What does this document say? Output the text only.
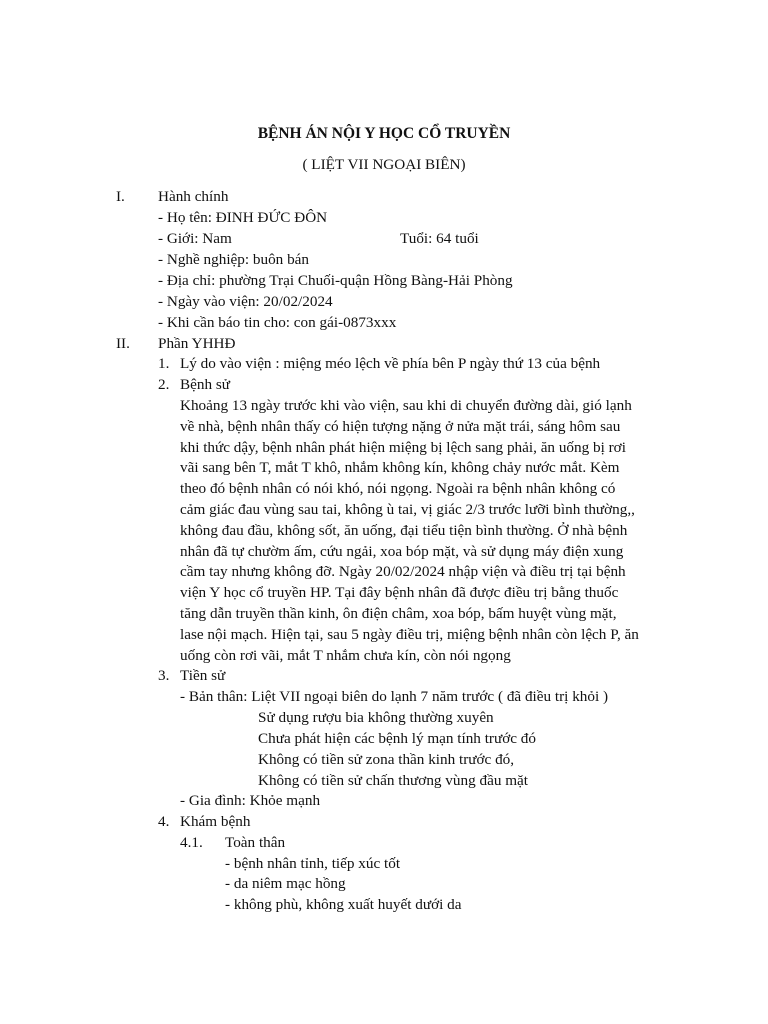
BỆNH ÁN NỘI Y HỌC CỔ TRUYỀN
( LIỆT VII NGOẠI BIÊN)
I. Hành chính
- Họ tên: ĐINH ĐỨC ĐÔN
- Giới: Nam	Tuổi: 64 tuổi
- Nghề nghiệp: buôn bán
- Địa chỉ: phường Trại Chuối-quận Hồng Bàng-Hải Phòng
- Ngày vào viện: 20/02/2024
- Khi cần báo tin cho: con gái-0873xxx
II. Phần YHHĐ
1. Lý do vào viện : miệng méo lệch về phía bên P ngày thứ 13 của bệnh
2. Bệnh sử
Khoảng 13 ngày trước khi vào viện, sau khi di chuyển đường dài, gió lạnh
về nhà, bệnh nhân thấy có hiện tượng nặng ở nửa mặt trái, sáng hôm sau
khi thức dậy, bệnh nhân phát hiện miệng bị lệch sang phải, ăn uống bị rơi
vãi sang bên T, mắt T khô, nhắm không kín, không chảy nước mắt. Kèm
theo đó bệnh nhân có nói khó, nói ngọng. Ngoài ra bệnh nhân không có
cảm giác đau vùng sau tai, không ù tai, vị giác 2/3 trước lưỡi bình thường,,
không đau đầu, không sốt, ăn uống, đại tiểu tiện bình thường. Ở nhà bệnh
nhân đã tự chườm ấm, cứu ngải, xoa bóp mặt, và sử dụng máy điện xung
cầm tay nhưng không đỡ. Ngày 20/02/2024 nhập viện và điều trị tại bệnh
viện Y học cổ truyền HP. Tại đây bệnh nhân đã được điều trị bằng thuốc
tăng dẫn truyền thần kinh, ôn điện châm, xoa bóp, bấm huyệt vùng mặt,
lase nội mạch. Hiện tại, sau 5 ngày điều trị, miệng bệnh nhân còn lệch P, ăn
uống còn rơi vãi, mắt T nhắm chưa kín, còn nói ngọng
3. Tiền sử
- Bản thân: Liệt VII ngoại biên do lạnh 7 năm trước ( đã điều trị khỏi )
Sử dụng rượu bia không thường xuyên
Chưa phát hiện các bệnh lý mạn tính trước đó
Không có tiền sử zona thần kinh trước đó,
Không có tiền sử chấn thương vùng đầu mặt
- Gia đình: Khỏe mạnh
4. Khám bệnh
4.1. Toàn thân
- bệnh nhân tỉnh, tiếp xúc tốt
- da niêm mạc hồng
- không phù, không xuất huyết dưới da
